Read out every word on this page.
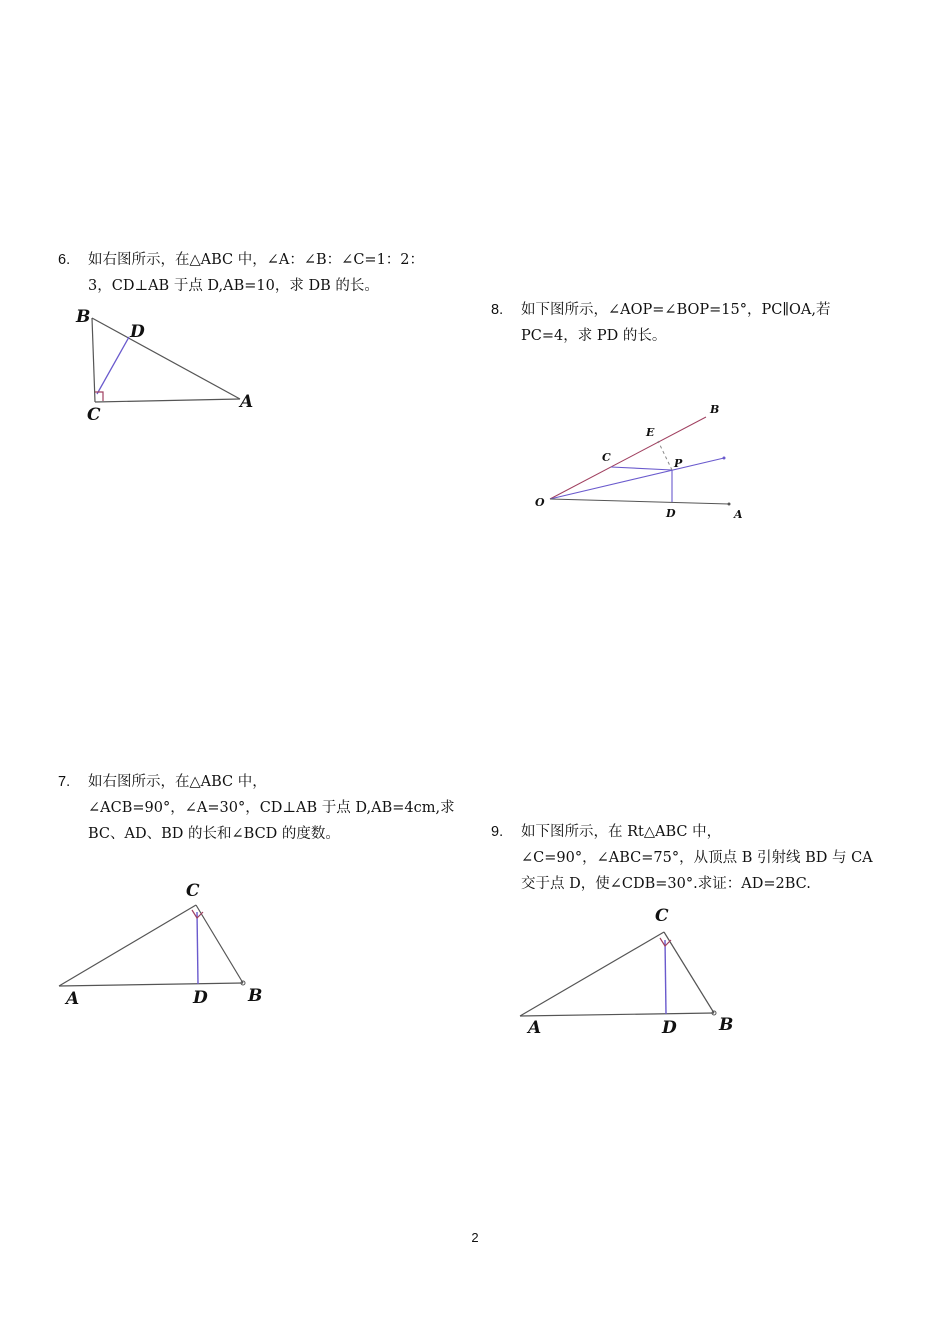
6. 如右图所示，在△ABC 中，∠A：∠B：∠C=1：2：
3，CD⊥AB 于点 D,AB=10，求 DB 的长。
B
D
C
A
8. 如下图所示，∠AOP=∠BOP=15°，PC∥OA,若
PC=4，求 PD 的长。
B
E
C	P
O
D	A
7. 如右图所示，在△ABC 中，
∠ACB=90°，∠A=30°，CD⊥AB 于点 D,AB=4cm,求
BC、AD、BD 的长和∠BCD 的度数。
C
A	D B
9. 如下图所示，在 Rt△ABC 中，
∠C=90°，∠ABC=75°，从顶点 B 引射线 BD 与 CA
交于点 D，使∠CDB=30°.求证：AD=2BC.
C
A	D B
2
